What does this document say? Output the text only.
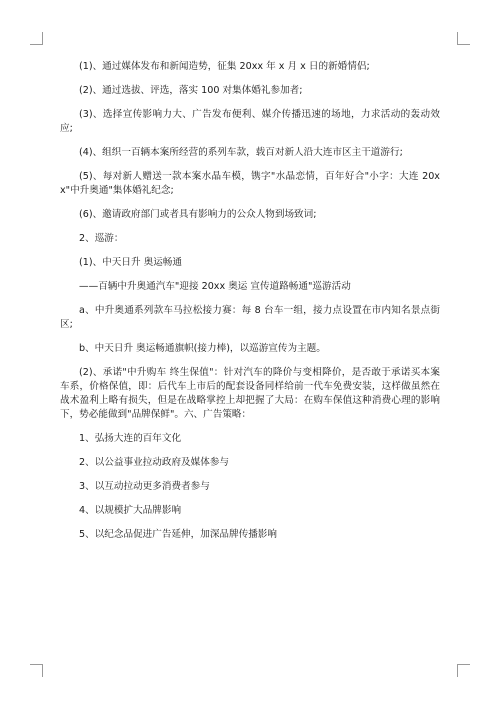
(1)、通过媒体发布和新闻造势，征集 20xx 年 x 月 x 日的新婚情侣;

(2)、通过选拔、评选，落实 100 对集体婚礼参加者;

(3)、选择宣传影响力大、广告发布便利、媒介传播迅速的场地，力求活动的轰动效应;

(4)、组织一百辆本案所经营的系列车款，载百对新人沿大连市区主干道游行;

(5)、每对新人赠送一款本案水晶车模，镌字"水晶恋情，百年好合"小字：大连 20xx"中升奥通"集体婚礼纪念;

(6)、邀请政府部门或者具有影响力的公众人物到场致词;

2、巡游：

(1)、中天日升 奥运畅通

——百辆中升奥通汽车"迎接 20xx 奥运 宣传道路畅通"巡游活动

a、中升奥通系列款车马拉松接力赛：每 8 台车一组，接力点设置在市内知名景点街区;

b、中天日升 奥运畅通旗帜(接力棒)，以巡游宣传为主题。

(2)、承诺"中升购车 终生保值"：针对汽车的降价与变相降价，是否敢于承诺买本案车系，价格保值，即：后代车上市后的配套设备同样给前一代车免费安装，这样做虽然在战术盈利上略有损失，但是在战略掌控上却把握了大局：在购车保值这种消费心理的影响下，势必能做到"品牌保鲜"。六、广告策略：

1、弘扬大连的百年文化

2、以公益事业拉动政府及媒体参与

3、以互动拉动更多消费者参与

4、以规模扩大品牌影响

5、以纪念品促进广告延伸，加深品牌传播影响
